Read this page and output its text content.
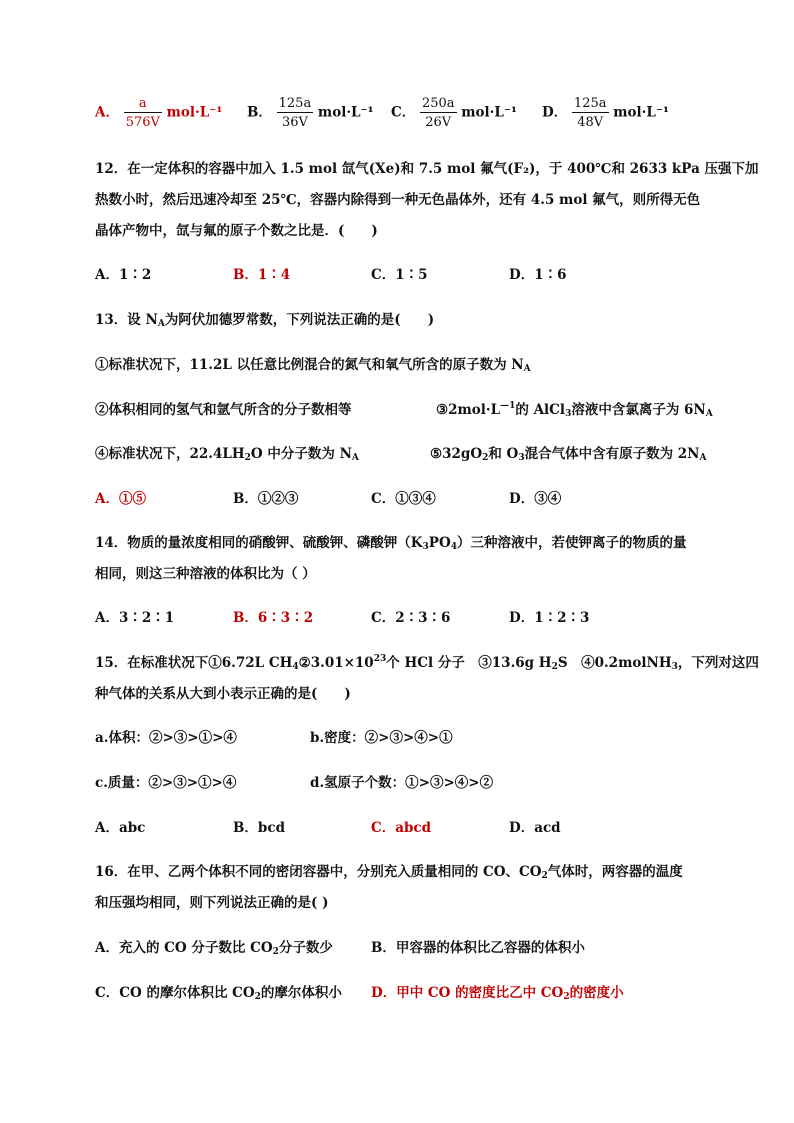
A． $\frac{a}{576V} mol\cdot L^{-1}$ B． $\frac{125a}{36V} mol\cdot L^{-1}$ C． $\frac{250a}{26V} mol\cdot L^{-1}$ D． $\frac{125a}{48V} mol\cdot L^{-1}$
12．在一定体积的容器中加入 1.5 mol 氙气(Xe)和 7.5 mol 氟气(F₂)，于 400℃和 2633 kPa 压强下加
热数小时，然后迅速冷却至 25℃，容器内除得到一种无色晶体外，还有 4.5 mol 氟气，则所得无色
晶体产物中，氙与氟的原子个数之比是．(　　)
A．1∶2	B．1∶4	C．1∶5	D．1∶6
13．设 $N_A$为阿伏加德罗常数，下列说法正确的是(　　)
①标准状况下，11.2L 以任意比例混合的氮气和氧气所含的原子数为 $N_A$
②体积相同的氢气和氩气所含的分子数相等	$③2mol\cdot L^{—1}$的 AlCl$_3$溶液中含氯离子为 $6N_A$
④标准状况下，$22.4LH_2O$ 中分子数为 $N_A$	$⑤32gO_2$和 $O_3$混合气体中含有原子数为 $2N_A$
A．①⑤	B．①②③	C．①③④	D．③④
14．物质的量浓度相同的硝酸钾、硫酸钾、磷酸钾$(K_3PO_4)$三种溶液中，若使钾离子的物质的量
相同，则这三种溶液的体积比为（ ）
A．3∶2∶1	B．6∶3∶2	C．2∶3∶6	D．1∶2∶3
15．在标准状况下①6.72L $CH_4②3.01\times 10^{23}$个 HCl 分子　③13.6g $H_2S$　④0.2molNH$_3$，下列对这四
种气体的关系从大到小表示正确的是(　　)
a.体积：②>③>①>④	b.密度：②>③>④>①
c.质量：②>③>①>④	d.氢原子个数：①>③>④>②
A．abc	B．bcd	C．abcd	D．acd
16．在甲、乙两个体积不同的密闭容器中，分别充入质量相同的 CO、$CO_2$气体时，两容器的温度
和压强均相同，则下列说法正确的是( )
A．充入的 CO 分子数比 $CO_2$分子数少	B．甲容器的体积比乙容器的体积小
C．CO 的摩尔体积比 $CO_2$的摩尔体积小 D．甲中 CO 的密度比乙中 $CO_2$的密度小
